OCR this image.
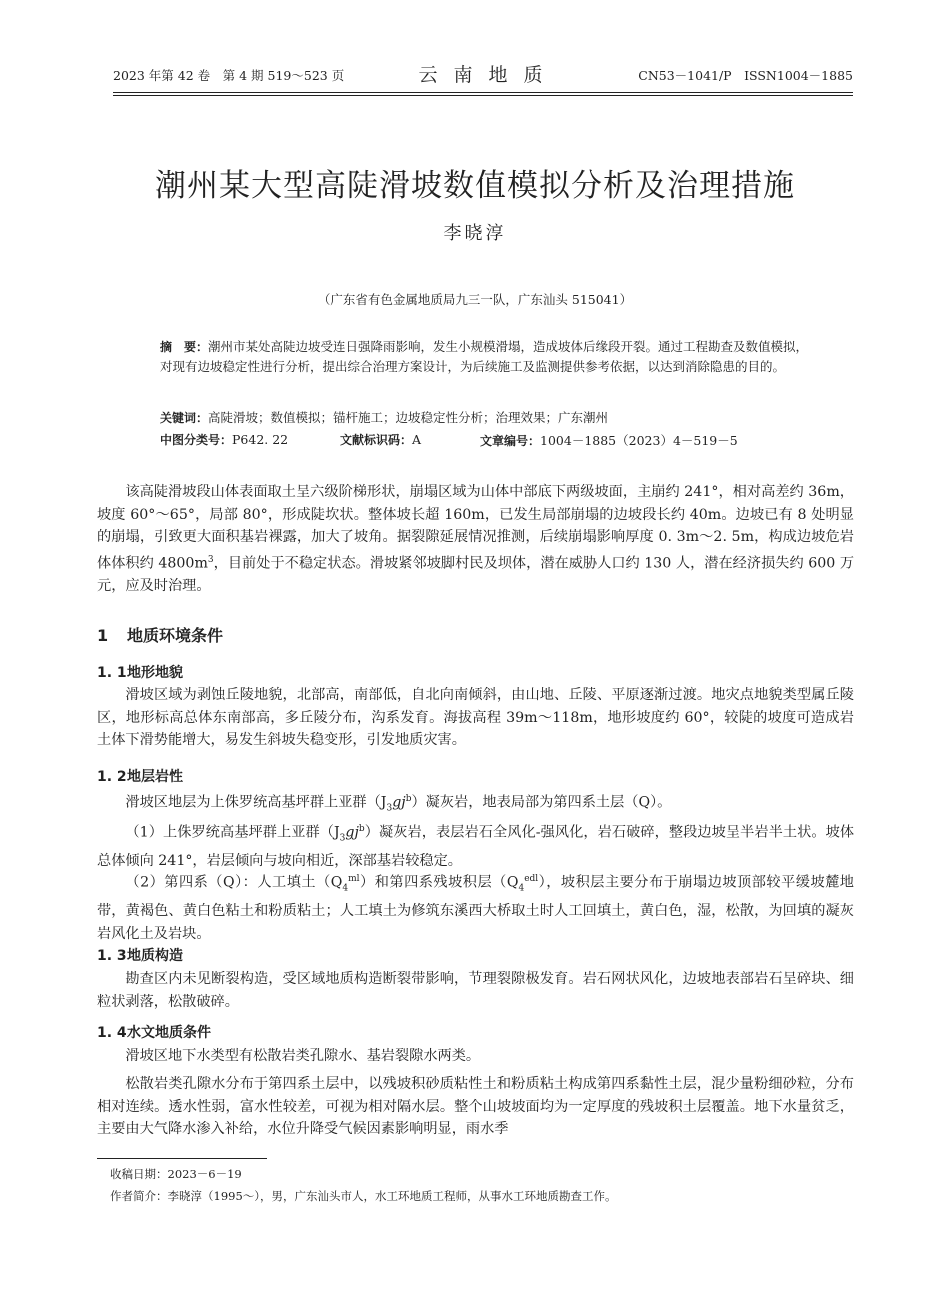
2023 年第 42 卷　第 4 期 519～523 页	云 南 地 质	CN53－1041/P　ISSN1004－1885
潮州某大型高陡滑坡数值模拟分析及治理措施
李晓淳
（广东省有色金属地质局九三一队，广东汕头 515041）
摘　要：潮州市某处高陡边坡受连日强降雨影响，发生小规模滑塌，造成坡体后缘段开裂。通过工程勘查及数值模拟，对现有边坡稳定性进行分析，提出综合治理方案设计，为后续施工及监测提供参考依据，以达到消除隐患的目的。
关键词：高陡滑坡；数值模拟；锚杆施工；边坡稳定性分析；治理效果；广东潮州
中图分类号：P642. 22	文献标识码：A	文章编号：1004－1885（2023）4－519－5
该高陡滑坡段山体表面取土呈六级阶梯形状，崩塌区域为山体中部底下两级坡面，主崩约 241°，相对高差约 36m，坡度 60°～65°，局部 80°，形成陡坎状。整体坡长超 160m，已发生局部崩塌的边坡段长约 40m。边坡已有 8 处明显的崩塌，引致更大面积基岩裸露，加大了坡角。据裂隙延展情况推测，后续崩塌影响厚度 0. 3m～2. 5m，构成边坡危岩体体积约 $4800m^3$，目前处于不稳定状态。滑坡紧邻坡脚村民及坝体，潜在威胁人口约 130 人，潜在经济损失约 600 万元，应及时治理。
1 地质环境条件
1. 1地形地貌
滑坡区域为剥蚀丘陵地貌，北部高，南部低，自北向南倾斜，由山地、丘陵、平原逐渐过渡。地灾点地貌类型属丘陵区，地形标高总体东南部高，多丘陵分布，沟系发育。海拔高程 39m～118m，地形坡度约 60°，较陡的坡度可造成岩土体下滑势能增大，易发生斜坡失稳变形，引发地质灾害。
1. 2地层岩性
滑坡区地层为上侏罗统高基坪群上亚群$(J_3gj^b)$凝灰岩，地表局部为第四系土层（Q）。
（1）上侏罗统高基坪群上亚群$(J_3gj^b)$凝灰岩，表层岩石全风化-强风化，岩石破碎，整段边坡呈半岩半土状。坡体总体倾向 241°，岩层倾向与坡向相近，深部基岩较稳定。
（2）第四系（Q）：人工填土$(Q_4^{ml})$和第四系残坡积层$(Q_4^{edl})$，坡积层主要分布于崩塌边坡顶部较平缓坡麓地带，黄褐色、黄白色粘土和粉质粘土；人工填土为修筑东溪西大桥取土时人工回填土，黄白色，湿，松散，为回填的凝灰岩风化土及岩块。
1. 3地质构造
勘查区内未见断裂构造，受区域地质构造断裂带影响，节理裂隙极发育。岩石网状风化，边坡地表部岩石呈碎块、细粒状剥落，松散破碎。
1. 4水文地质条件
滑坡区地下水类型有松散岩类孔隙水、基岩裂隙水两类。
松散岩类孔隙水分布于第四系土层中，以残坡积砂质粘性土和粉质粘土构成第四系黏性土层，混少量粉细砂粒，分布相对连续。透水性弱，富水性较差，可视为相对隔水层。整个山坡坡面均为一定厚度的残坡积土层覆盖。地下水量贫乏，主要由大气降水渗入补给，水位升降受气候因素影响明显，雨水季
收稿日期：2023－6－19
作者简介：李晓淳（1995～），男，广东汕头市人，水工环地质工程师，从事水工环地质勘查工作。
